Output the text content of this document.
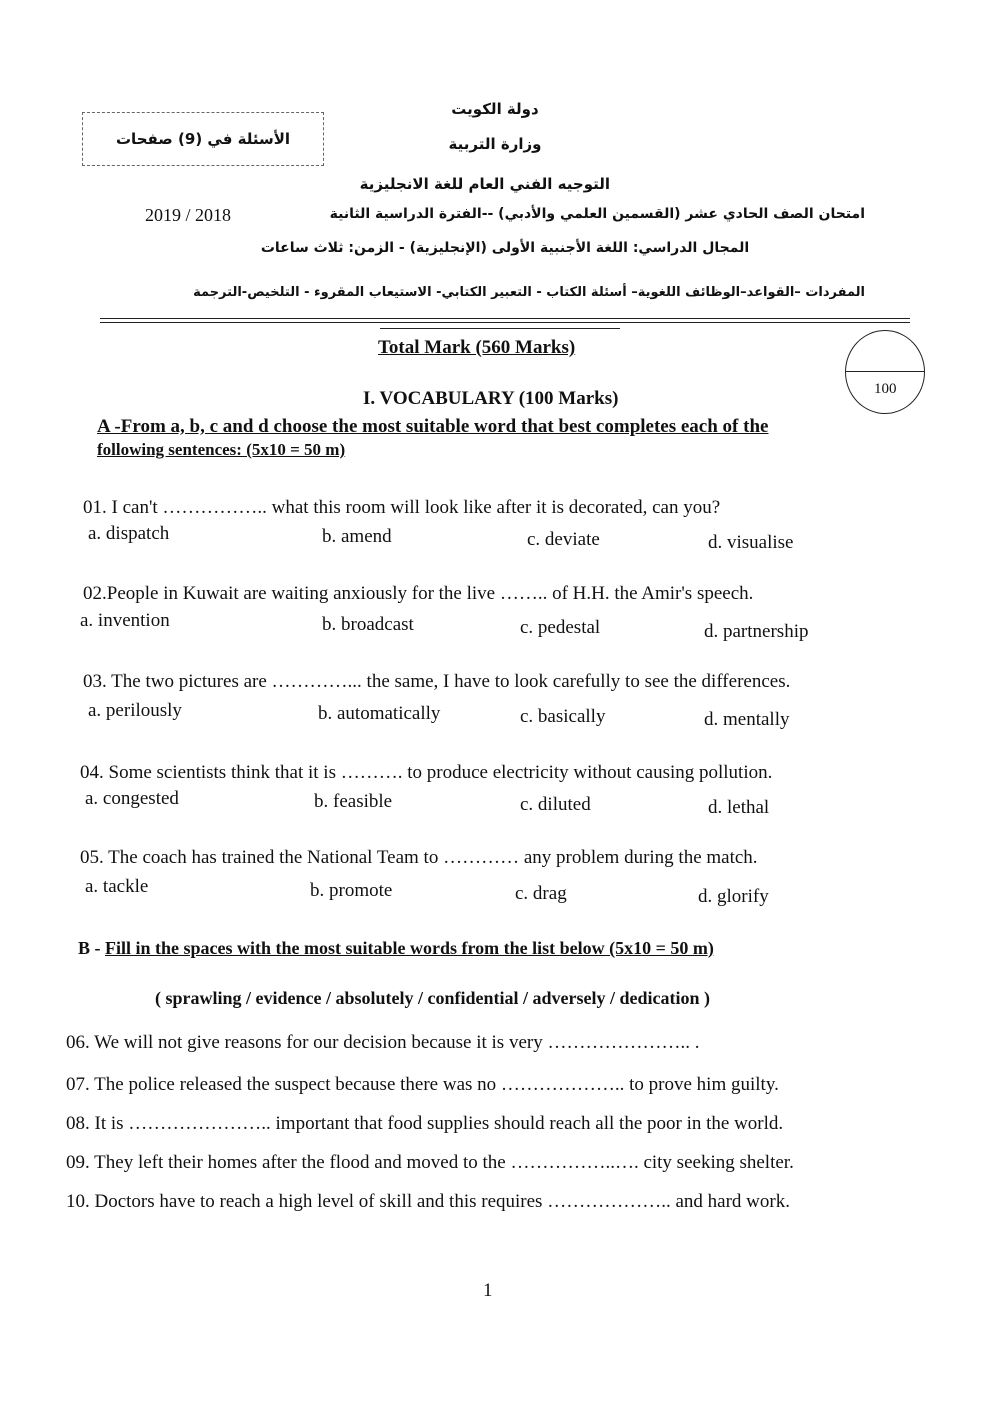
دولة الكويت
وزارة التربية
الأسئلة في (9) صفحات
التوجيه الفني العام للغة الانجليزية
2019 / 2018	امتحان الصف الحادي عشر (القسمين العلمي والأدبي) --الفترة الدراسية الثانية
المجال الدراسي: اللغة الأجنبية الأولى (الإنجليزية) - الزمن: ثلاث ساعات
المفردات –القواعد–الوظائف اللغوية– أسئلة الكتاب - التعبير الكتابي- الاستيعاب المقروء - التلخيص-الترجمة
Total Mark (560 Marks)
100
I. VOCABULARY (100 Marks)
A -From a, b, c and d choose the most suitable word that best completes each of the
following sentences: (5x10 = 50 m)
01. I can't …………….. what this room will look like after it is decorated, can you?
a. dispatch	b. amend	c. deviate	d. visualise
02.People in Kuwait are waiting anxiously for the live …….. of H.H. the Amir's speech.
a. invention	b. broadcast	c. pedestal	d. partnership
03. The two pictures are …………... the same, I have to look carefully to see the differences.
a. perilously	b. automatically	c. basically	d. mentally
04. Some scientists think that it is ………. to produce electricity without causing pollution.
a. congested	b. feasible	c. diluted	d. lethal
05. The coach has trained the National Team to ………… any problem during the match.
a. tackle	b. promote	c. drag	d. glorify
B - Fill in the spaces with the most suitable words from the list below (5x10 = 50 m)
( sprawling / evidence / absolutely / confidential / adversely / dedication )
06. We will not give reasons for our decision because it is very ………………….. .
07. The police released the suspect because there was no ……………….. to prove him guilty.
08. It is ………………….. important that food supplies should reach all the poor in the world.
09. They left their homes after the flood and moved to the ……………..…. city seeking shelter.
10. Doctors have to reach a high level of skill and this requires ……………….. and hard work.
1
